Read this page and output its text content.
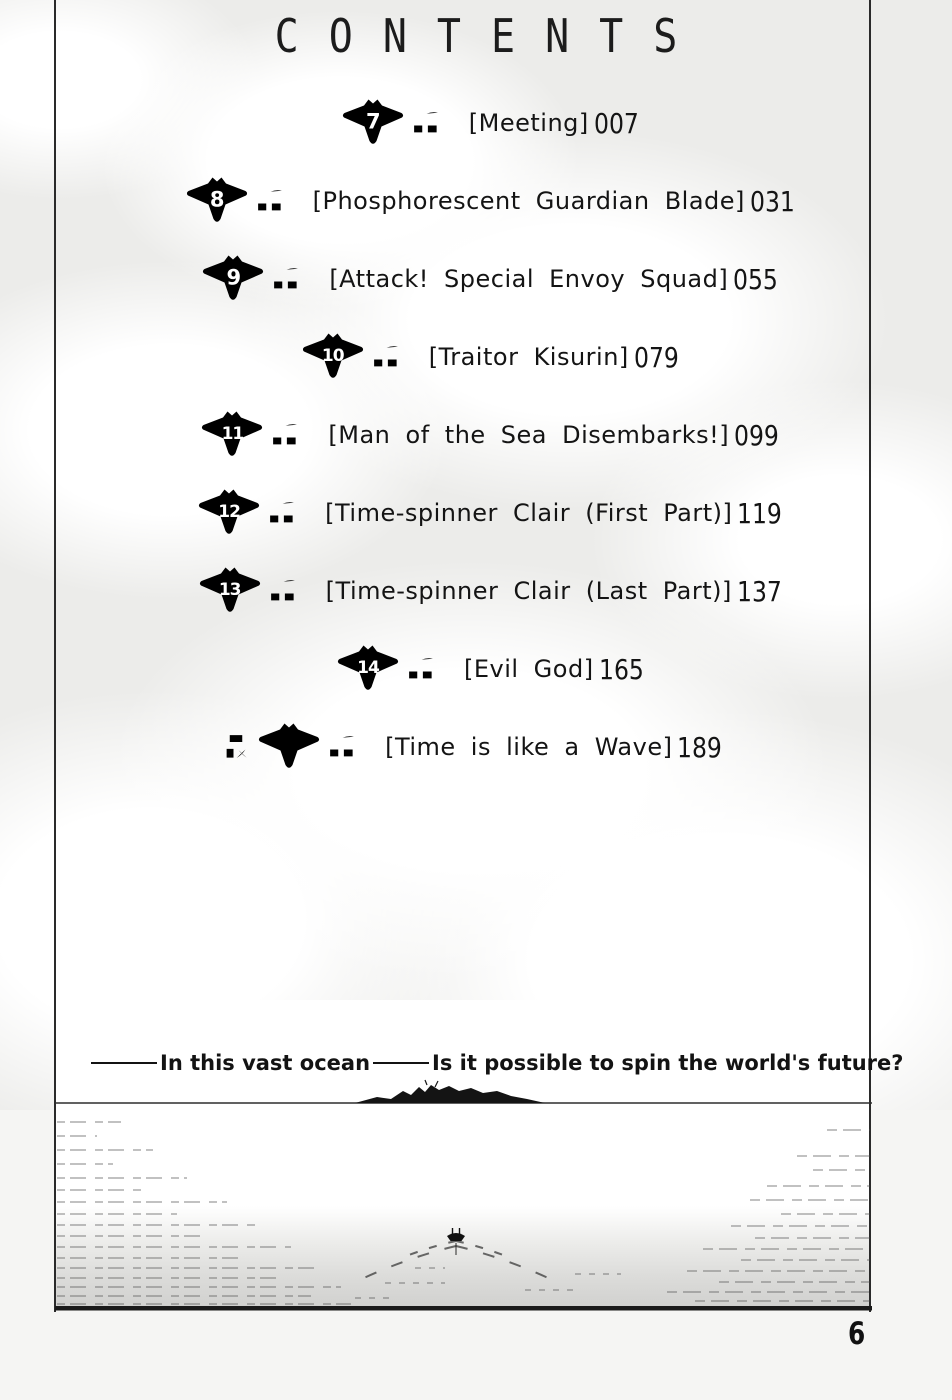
CONTENTS
7	[Meeting] 007
8	[Phosphorescent Guardian Blade] 031
9	[Attack! Special Envoy Squad] 055
10	[Traitor Kisurin] 079
11	[Man of the Sea Disembarks!] 099
12	[Time-spinner Clair (First Part)] 119
13	[Time-spinner Clair (Last Part)] 137
14	[Evil God] 165
[Time is like a Wave] 189
In this vast ocean	Is it possible to spin the world's future?
6
